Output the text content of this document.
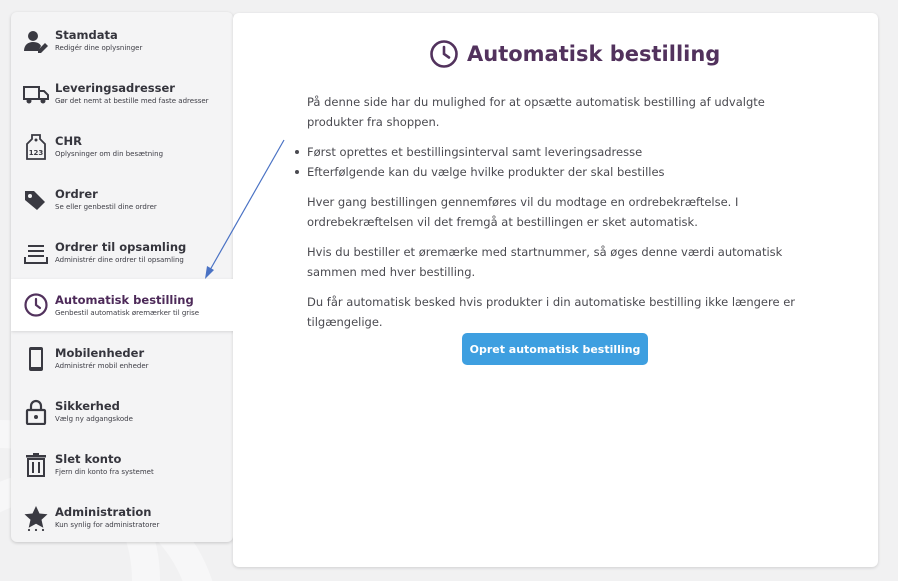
Stamdata
Redigér dine oplysninger
Leveringsadresser
Gør det nemt at bestille med faste adresser
123
CHR
Oplysninger om din besætning
Ordrer
Se eller genbestil dine ordrer
Ordrer til opsamling
Administrér dine ordrer til opsamling
Automatisk bestilling
Genbestil automatisk øremærker til grise
Mobilenheder
Administrér mobil enheder
Sikkerhed
Vælg ny adgangskode
Slet konto
Fjern din konto fra systemet
Administration
Kun synlig for administratorer
Automatisk bestilling

På denne side har du mulighed for at opsætte automatisk bestilling af udvalgte produkter fra shoppen.

Først oprettes et bestillingsinterval samt leveringsadresse
Efterfølgende kan du vælge hvilke produkter der skal bestilles

Hver gang bestillingen gennemføres vil du modtage en ordrebekræftelse. I ordrebekræftelsen vil det fremgå at bestillingen er sket automatisk.

Hvis du bestiller et øremærke med startnummer, så øges denne værdi automatisk sammen med hver bestilling.

Du får automatisk besked hvis produkter i din automatiske bestilling ikke længere er tilgængelige.

Opret automatisk bestilling
